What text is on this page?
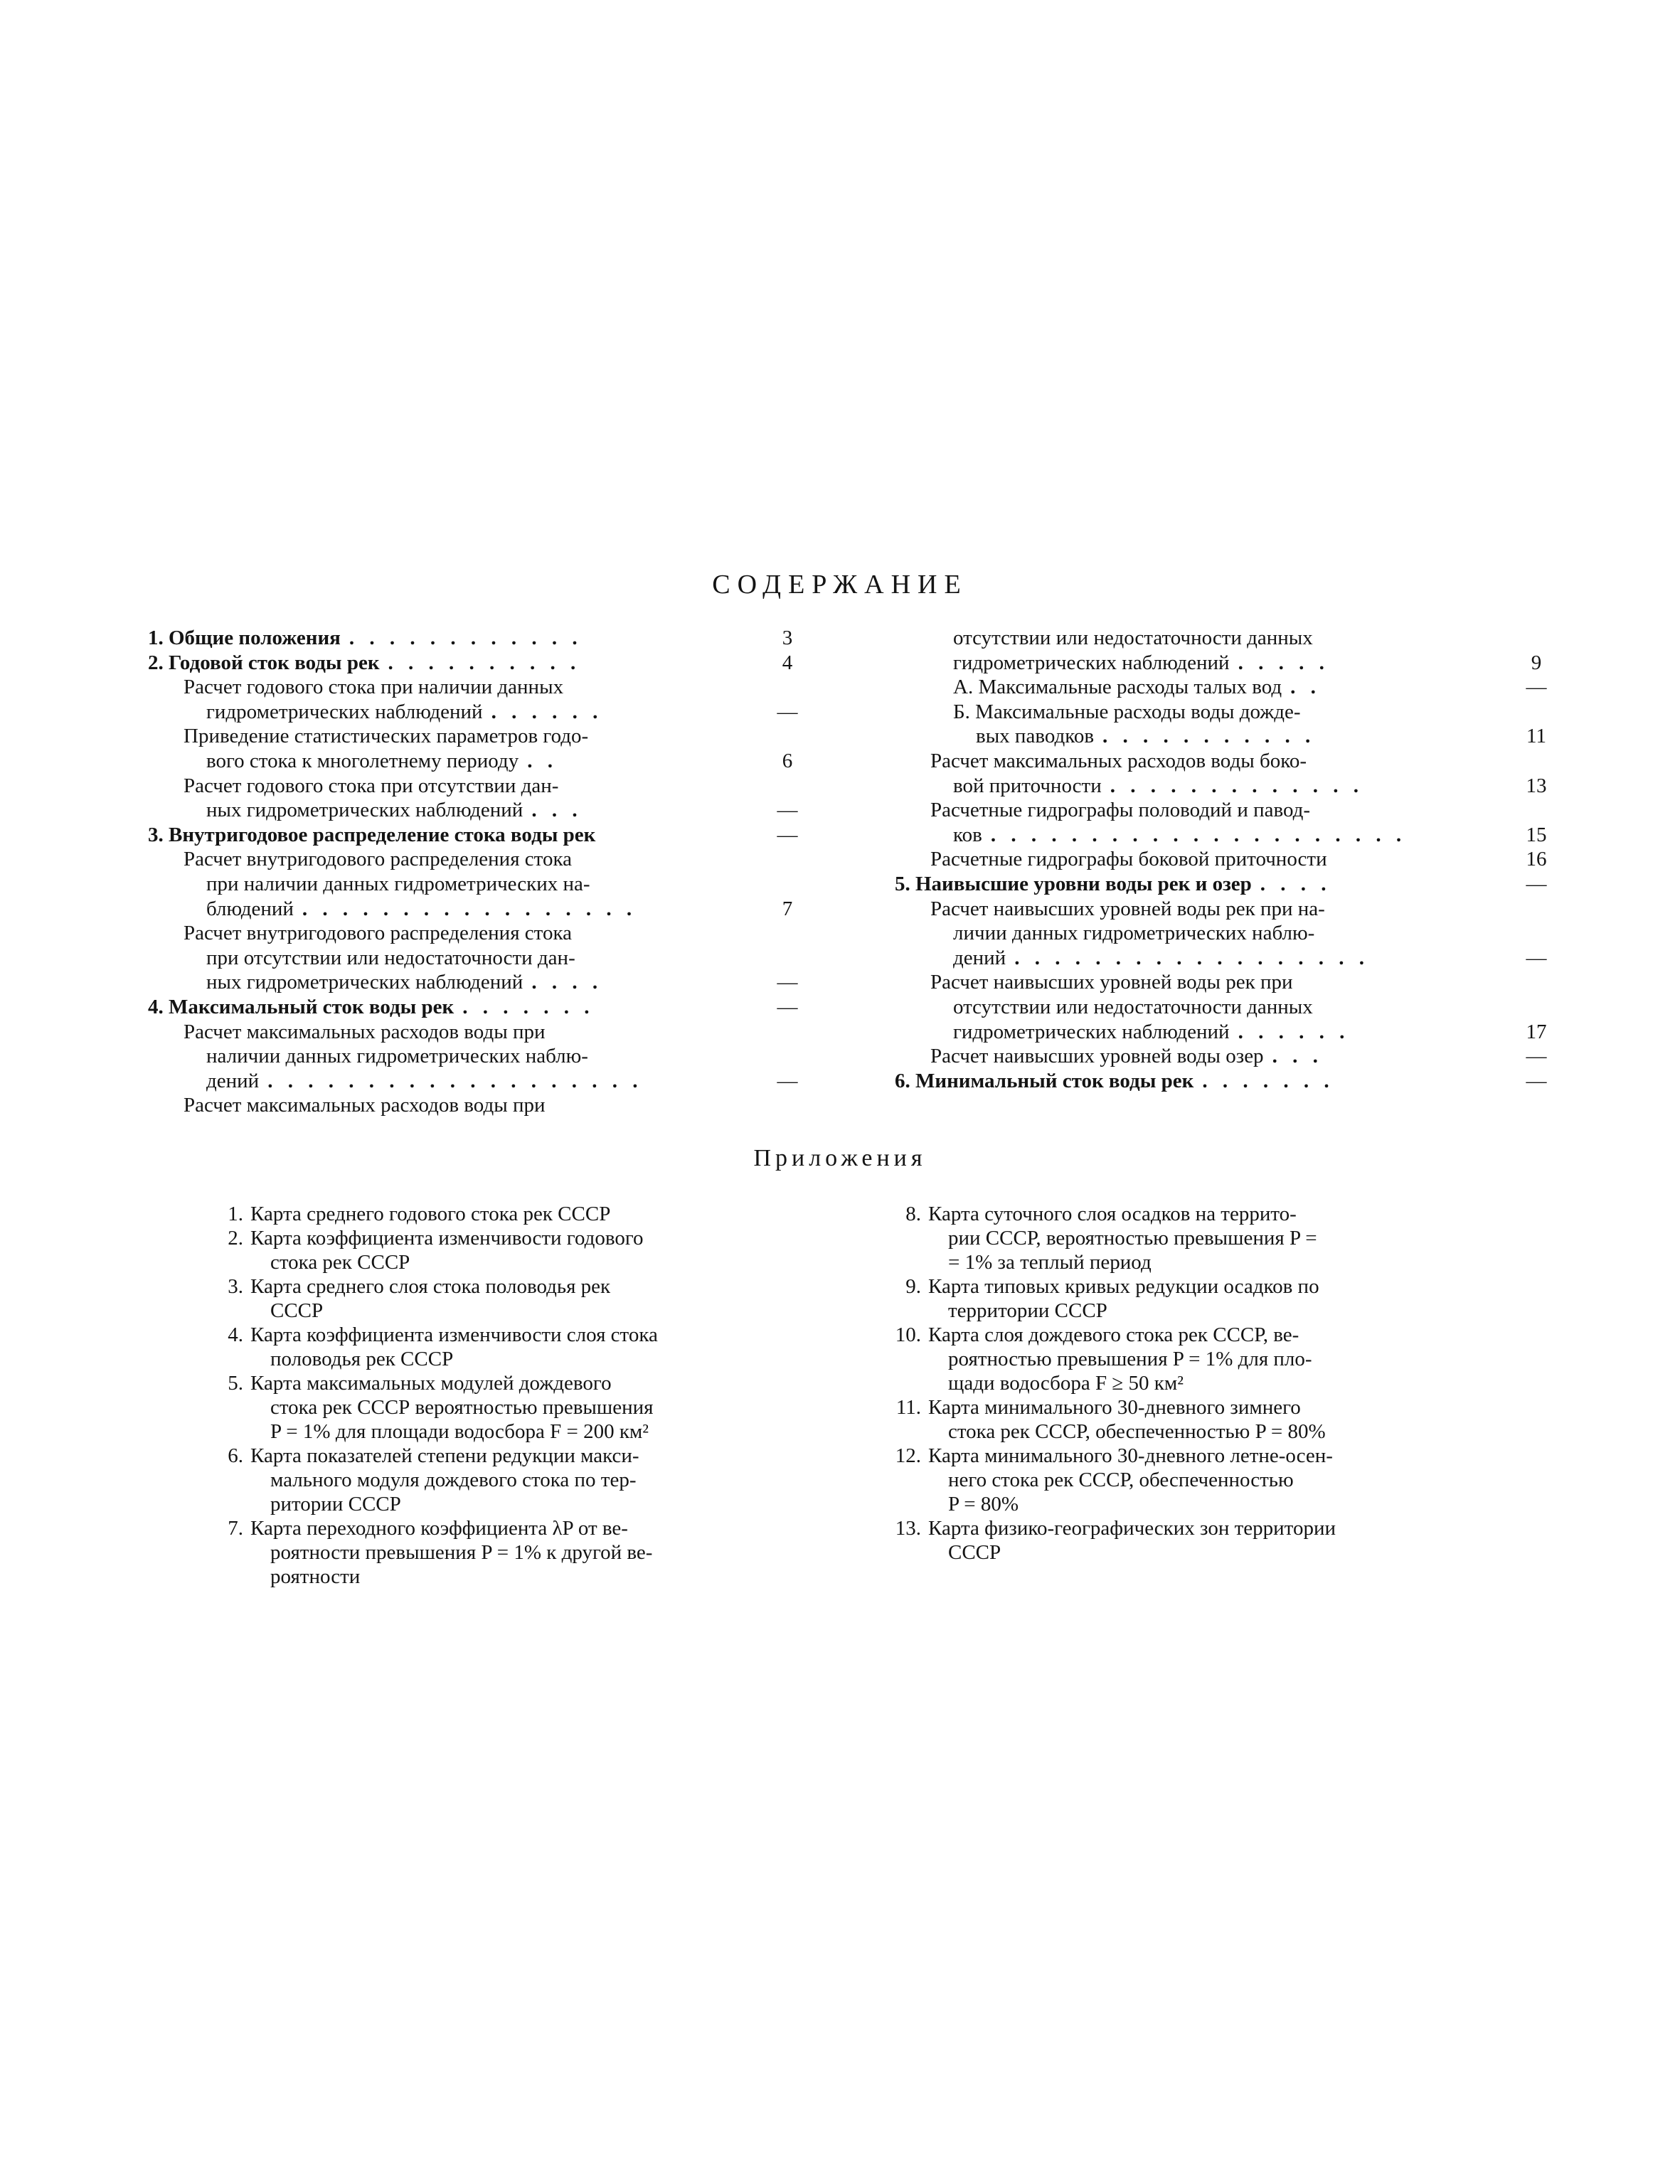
СОДЕРЖАНИЕ
1. Общие положения . . . . . . . . . . . .	3
2. Годовой сток воды рек . . . . . . . . . .	4
Расчет годового стока при наличии данных
гидрометрических наблюдений . . . . . .	—
Приведение статистических параметров годо-
вого стока к многолетнему периоду . .	6
Расчет годового стока при отсутствии дан-
ных гидрометрических наблюдений . . .	—
3. Внутригодовое распределение стока воды рек	—
Расчет внутригодового распределения стока
при наличии данных гидрометрических на-
блюдений . . . . . . . . . . . . . . . . .	7
Расчет внутригодового распределения стока
при отсутствии или недостаточности дан-
ных гидрометрических наблюдений . . . .	—
4. Максимальный сток воды рек . . . . . . .	—
Расчет максимальных расходов воды при
наличии данных гидрометрических наблю-
дений . . . . . . . . . . . . . . . . . . .	—
Расчет максимальных расходов воды при
отсутствии или недостаточности данных
гидрометрических наблюдений . . . . .	9
А. Максимальные расходы талых вод . .	—
Б. Максимальные расходы воды дожде-
вых паводков . . . . . . . . . . .	11
Расчет максимальных расходов воды боко-
вой приточности . . . . . . . . . . . . .	13
Расчетные гидрографы половодий и павод-
ков . . . . . . . . . . . . . . . . . . . . .	15
Расчетные гидрографы боковой приточности	16
5. Наивысшие уровни воды рек и озер . . . .	—
Расчет наивысших уровней воды рек при на-
личии данных гидрометрических наблю-
дений . . . . . . . . . . . . . . . . . .	—
Расчет наивысших уровней воды рек при
отсутствии или недостаточности данных
гидрометрических наблюдений . . . . . .	17
Расчет наивысших уровней воды озер . . .	—
6. Минимальный сток воды рек . . . . . . .	—
Приложения
1. Карта среднего годового стока рек СССР
2. Карта коэффициента изменчивости годового
стока рек СССР
3. Карта среднего слоя стока половодья рек
СССР
4. Карта коэффициента изменчивости слоя стока
половодья рек СССР
5. Карта максимальных модулей дождевого
стока рек СССР вероятностью превышения
P = 1% для площади водосбора F = 200 км²
6. Карта показателей степени редукции макси-
мального модуля дождевого стока по тер-
ритории СССР
7. Карта переходного коэффициента λP от ве-
роятности превышения P = 1% к другой ве-
роятности
8. Карта суточного слоя осадков на террито-
рии СССР, вероятностью превышения P =
= 1% за теплый период
9. Карта типовых кривых редукции осадков по
территории СССР
10. Карта слоя дождевого стока рек СССР, ве-
роятностью превышения P = 1% для пло-
щади водосбора F ≥ 50 км²
11. Карта минимального 30-дневного зимнего
стока рек СССР, обеспеченностью P = 80%
12. Карта минимального 30-дневного летне-осен-
него стока рек СССР, обеспеченностью
P = 80%
13. Карта физико-географических зон территории
СССР
